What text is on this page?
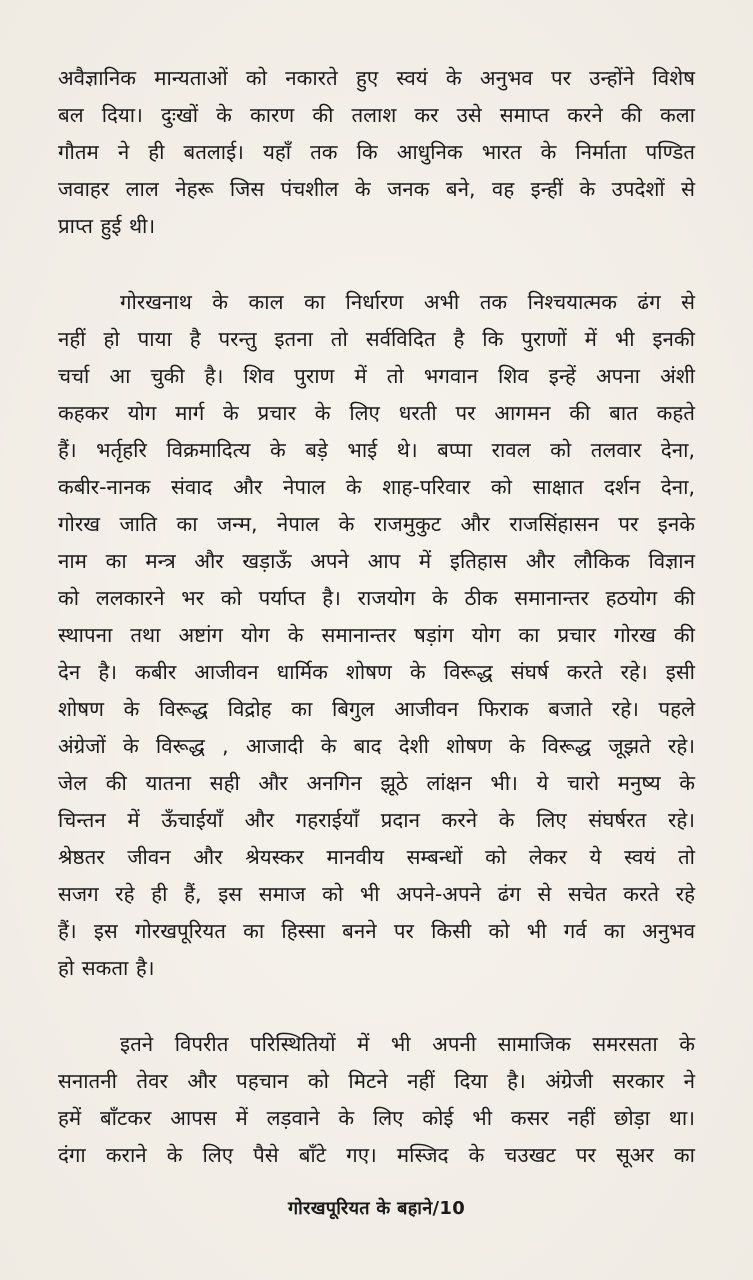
अवैज्ञानिक मान्यताओं को नकारते हुए स्वयं के अनुभव पर उन्होंने विशेष
बल दिया। दुःखों के कारण की तलाश कर उसे समाप्त करने की कला
गौतम ने ही बतलाई। यहाँ तक कि आधुनिक भारत के निर्माता पण्डित
जवाहर लाल नेहरू जिस पंचशील के जनक बने, वह इन्हीं के उपदेशों से
प्राप्त हुई थी।

गोरखनाथ के काल का निर्धारण अभी तक निश्चयात्मक ढंग से
नहीं हो पाया है परन्तु इतना तो सर्वविदित है कि पुराणों में भी इनकी
चर्चा आ चुकी है। शिव पुराण में तो भगवान शिव इन्हें अपना अंशी
कहकर योग मार्ग के प्रचार के लिए धरती पर आगमन की बात कहते
हैं। भर्तृहरि विक्रमादित्य के बड़े भाई थे। बप्पा रावल को तलवार देना,
कबीर-नानक संवाद और नेपाल के शाह-परिवार को साक्षात दर्शन देना,
गोरख जाति का जन्म, नेपाल के राजमुकुट और राजसिंहासन पर इनके
नाम का मन्त्र और खड़ाऊँ अपने आप में इतिहास और लौकिक विज्ञान
को ललकारने भर को पर्याप्त है। राजयोग के ठीक समानान्तर हठयोग की
स्थापना तथा अष्टांग योग के समानान्तर षड़ांग योग का प्रचार गोरख की
देन है। कबीर आजीवन धार्मिक शोषण के विरूद्ध संघर्ष करते रहे। इसी
शोषण के विरूद्ध विद्रोह का बिगुल आजीवन फिराक बजाते रहे। पहले
अंग्रेजों के विरूद्ध , आजादी के बाद देशी शोषण के विरूद्ध जूझते रहे।
जेल की यातना सही और अनगिन झूठे लांक्षन भी। ये चारो मनुष्य के
चिन्तन में ऊँचाईयाँ और गहराईयाँ प्रदान करने के लिए संघर्षरत रहे।
श्रेष्ठतर जीवन और श्रेयस्कर मानवीय सम्बन्धों को लेकर ये स्वयं तो
सजग रहे ही हैं, इस समाज को भी अपने-अपने ढंग से सचेत करते रहे
हैं। इस गोरखपूरियत का हिस्सा बनने पर किसी को भी गर्व का अनुभव
हो सकता है।

इतने विपरीत परिस्थितियों में भी अपनी सामाजिक समरसता के
सनातनी तेवर और पहचान को मिटने नहीं दिया है। अंग्रेजी सरकार ने
हमें बाँटकर आपस में लड़वाने के लिए कोई भी कसर नहीं छोड़ा था।
दंगा कराने के लिए पैसे बाँटे गए। मस्जिद के चउखट पर सूअर का

गोरखपूरियत के बहाने/10
